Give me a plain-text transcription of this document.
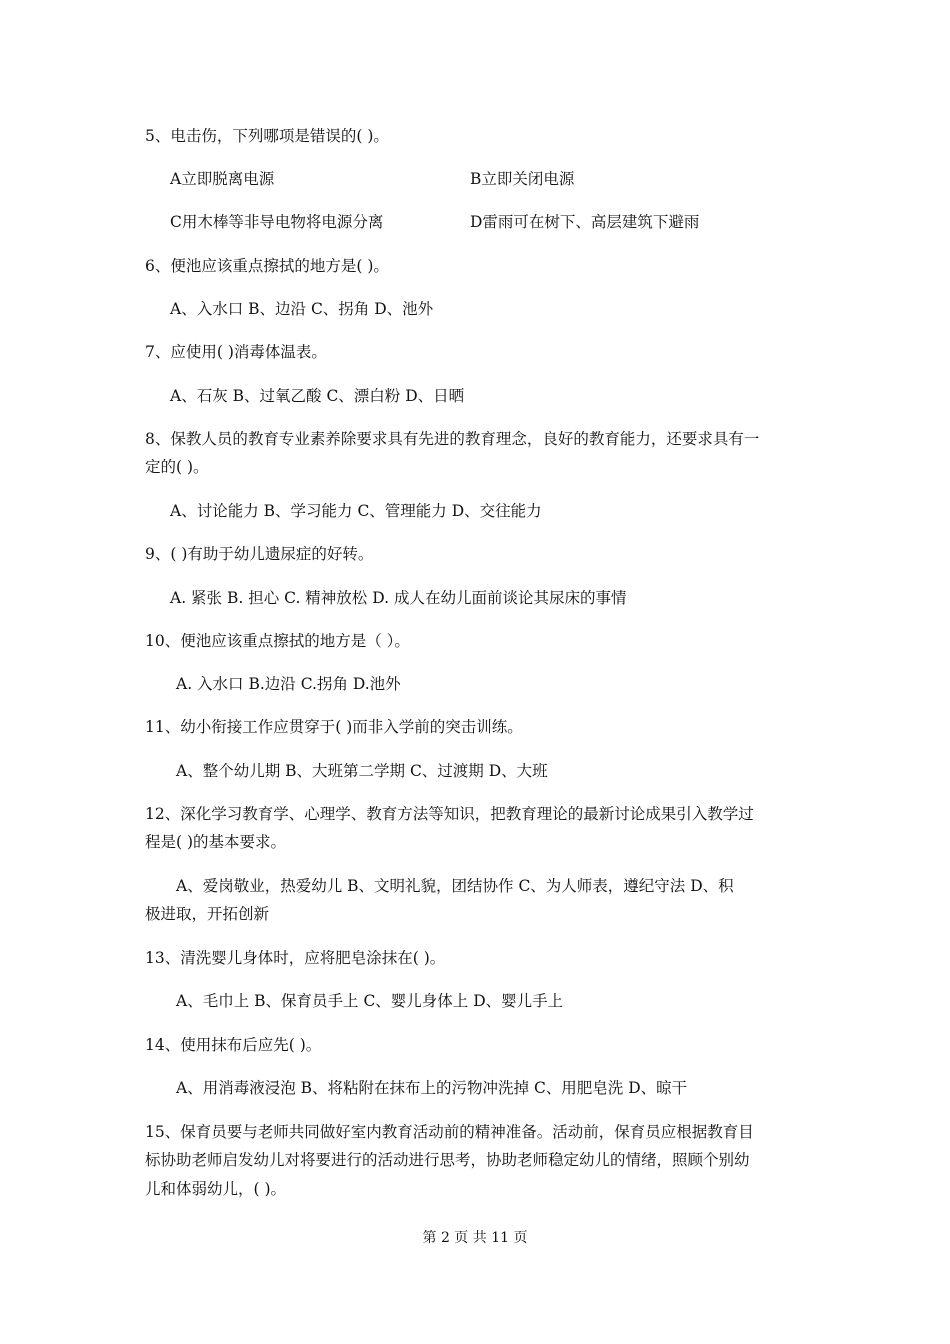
5、电击伤，下列哪项是错误的( )。
A立即脱离电源	B立即关闭电源
C用木棒等非导电物将电源分离	D雷雨可在树下、高层建筑下避雨
6、便池应该重点擦拭的地方是( )。
A、入水口 B、边沿 C、拐角 D、池外
7、应使用( )消毒体温表。
A、石灰 B、过氧乙酸 C、漂白粉 D、日晒
8、保教人员的教育专业素养除要求具有先进的教育理念，良好的教育能力，还要求具有一
定的( )。
A、讨论能力 B、学习能力 C、管理能力 D、交往能力
9、( )有助于幼儿遗尿症的好转。
A. 紧张 B. 担心 C. 精神放松 D. 成人在幼儿面前谈论其尿床的事情
10、便池应该重点擦拭的地方是（ ）。
A. 入水口 B.边沿 C.拐角 D.池外
11、幼小衔接工作应贯穿于( )而非入学前的突击训练。
A、整个幼儿期 B、大班第二学期 C、过渡期 D、大班
12、深化学习教育学、心理学、教育方法等知识，把教育理论的最新讨论成果引入教学过
程是( )的基本要求。
A、爱岗敬业，热爱幼儿 B、文明礼貌，团结协作 C、为人师表，遵纪守法 D、积
极进取，开拓创新
13、清洗婴儿身体时，应将肥皂涂抹在( )。
A、毛巾上 B、保育员手上 C、婴儿身体上 D、婴儿手上
14、使用抹布后应先( )。
A、用消毒液浸泡 B、将粘附在抹布上的污物冲洗掉 C、用肥皂洗 D、晾干
15、保育员要与老师共同做好室内教育活动前的精神准备。活动前，保育员应根据教育目
标协助老师启发幼儿对将要进行的活动进行思考，协助老师稳定幼儿的情绪，照顾个别幼
儿和体弱幼儿，( )。
第 2 页 共 11 页
